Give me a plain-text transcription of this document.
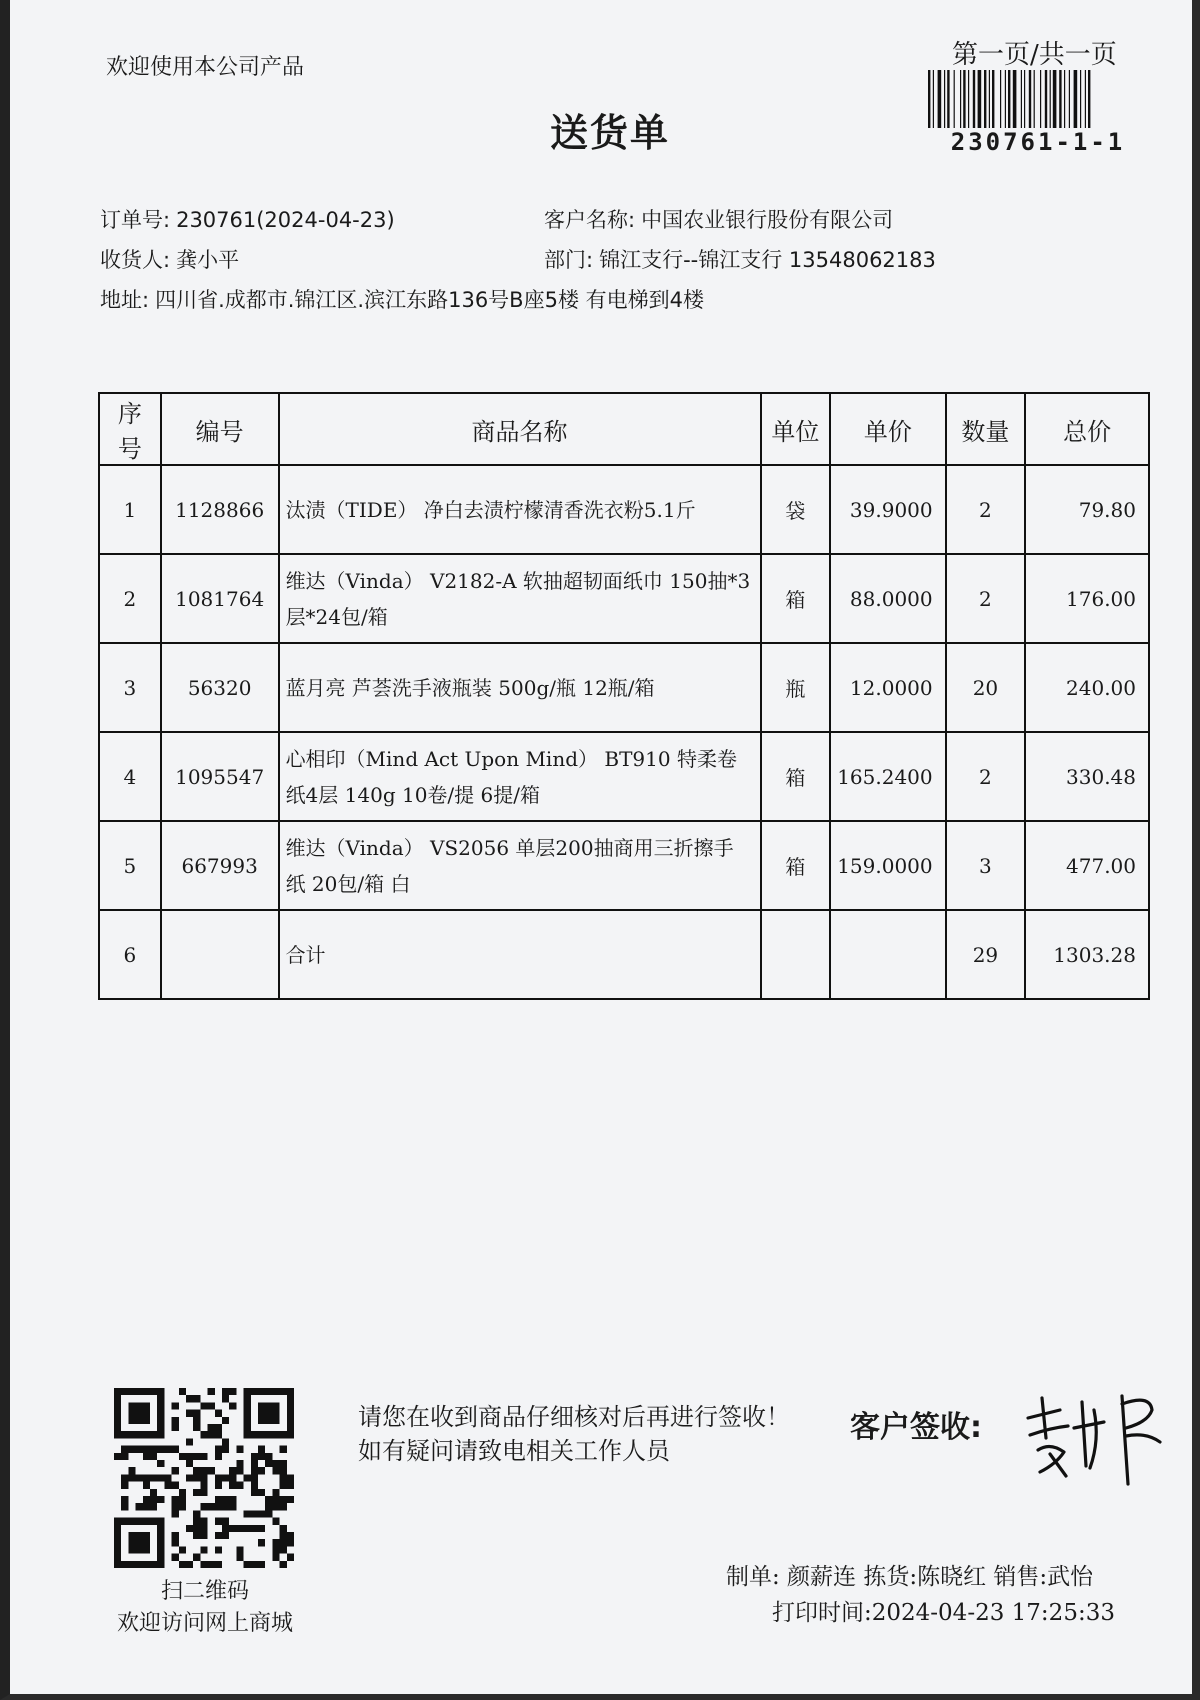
欢迎使用本公司产品
送货单
第一页/共一页
230761-1-1
订单号: 230761(2024-04-23)	客户名称: 中国农业银行股份有限公司
收货人: 龚小平	部门: 锦江支行--锦江支行 13548062183
地址: 四川省.成都市.锦江区.滨江东路136号B座5楼 有电梯到4楼
序号	编号	商品名称	单位	单价	数量	总价
1	1128866	汰渍（TIDE） 净白去渍柠檬清香洗衣粉5.1斤	袋	39.9000	2	79.80
2	1081764	维达（Vinda） V2182-A 软抽超韧面纸巾 150抽*3层*24包/箱	箱	88.0000	2	176.00
3	56320	蓝月亮 芦荟洗手液瓶装 500g/瓶 12瓶/箱	瓶	12.0000	20	240.00
4	1095547	心相印（Mind Act Upon Mind） BT910 特柔卷纸4层 140g 10卷/提 6提/箱	箱	165.2400	2	330.48
5	667993	维达（Vinda） VS2056 单层200抽商用三折擦手纸 20包/箱 白	箱	159.0000	3	477.00
6		合计			29	1303.28
扫二维码
欢迎访问网上商城
请您在收到商品仔细核对后再进行签收！如有疑问请致电相关工作人员
客户签收:
制单: 颜薪连 拣货:陈晓红 销售:武怡
打印时间:2024-04-23 17:25:33
